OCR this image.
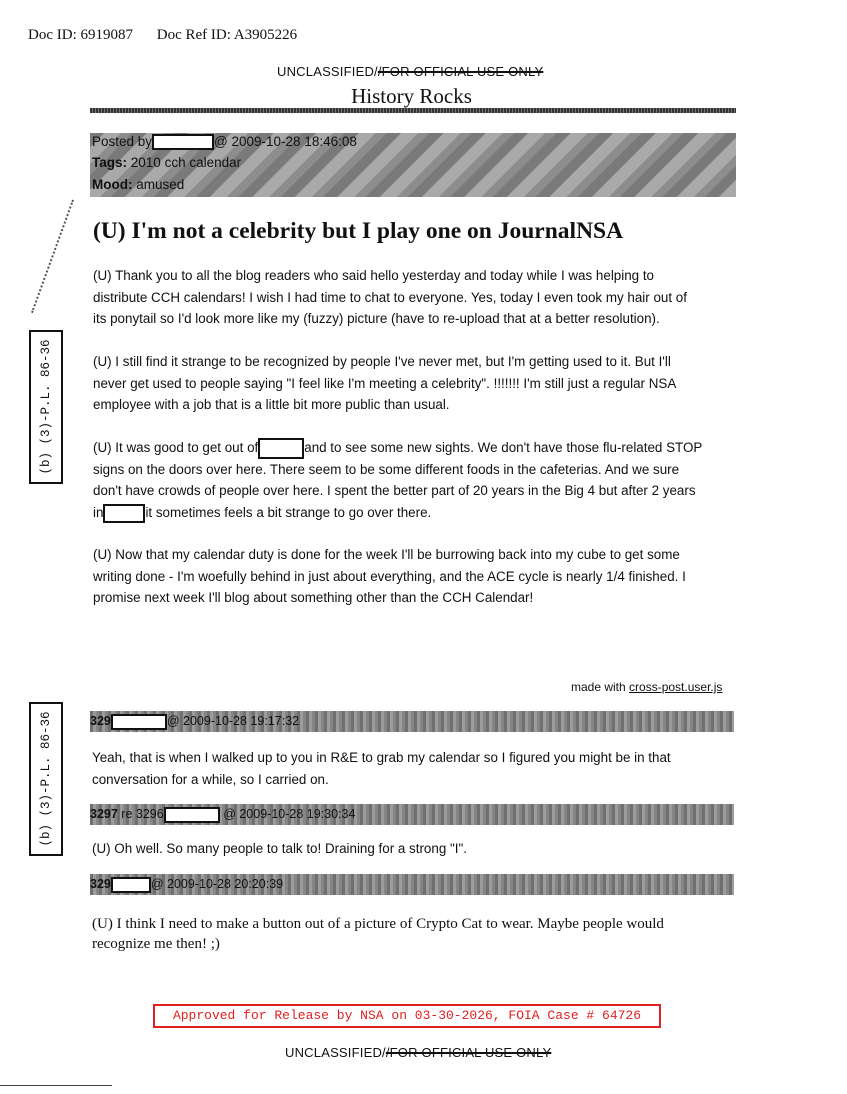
Doc ID: 6919087 Doc Ref ID: A3905226
UNCLASSIFIED//FOR OFFICIAL USE ONLY
History Rocks
Posted by	@ 2009-10-28 18:46:08
Tags: 2010 cch calendar
Mood: amused
(U) I'm not a celebrity but I play one on JournalNSA
(U) Thank you to all the blog readers who said hello yesterday and today while I was helping to
distribute CCH calendars! I wish I had time to chat to everyone. Yes, today I even took my hair out of
its ponytail so I'd look more like my (fuzzy) picture (have to re-upload that at a better resolution).
(U) I still find it strange to be recognized by people I've never met, but I'm getting used to it. But I'll
never get used to people saying "I feel like I'm meeting a celebrity". !!!!!!! I'm still just a regular NSA
employee with a job that is a little bit more public than usual.
(U) It was good to get out of	and to see some new sights. We don't have those flu-related STOP
signs on the doors over here. There seem to be some different foods in the cafeterias. And we sure
don't have crowds of people over here. I spent the better part of 20 years in the Big 4 but after 2 years
in	it sometimes feels a bit strange to go over there.
(U) Now that my calendar duty is done for the week I'll be burrowing back into my cube to get some
writing done - I'm woefully behind in just about everything, and the ACE cycle is nearly 1/4 finished. I
promise next week I'll blog about something other than the CCH Calendar!
(b) (3)-P.L. 86-36
made with cross-post.user.js
329	@ 2009-10-28 19:17:32
Yeah, that is when I walked up to you in R&E to grab my calendar so I figured you might be in that
conversation for a while, so I carried on.
3297 re 3296	@ 2009-10-28 19:30:34
(U) Oh well. So many people to talk to! Draining for a strong "I".
329	@ 2009-10-28 20:20:39
(U) I think I need to make a button out of a picture of Crypto Cat to wear. Maybe people would
recognize me then! ;)
(b) (3)-P.L. 86-36
Approved for Release by NSA on 03-30-2026, FOIA Case # 64726
UNCLASSIFIED//FOR OFFICIAL USE ONLY
